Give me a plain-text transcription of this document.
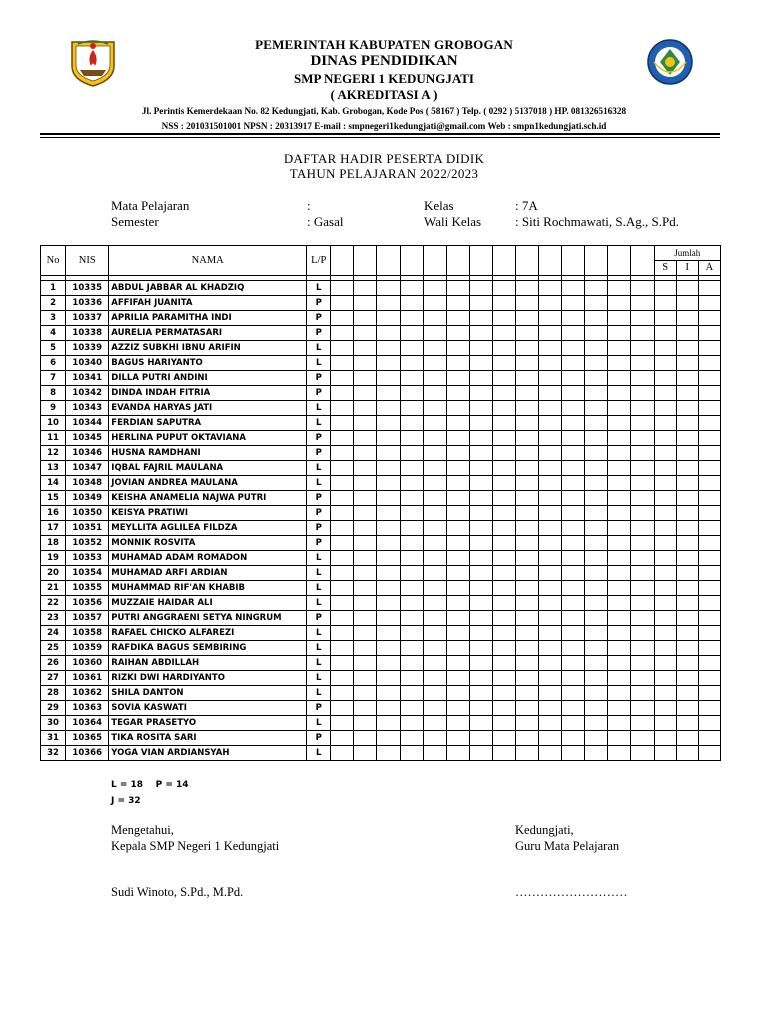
PEMERINTAH KABUPATEN GROBOGAN
DINAS PENDIDIKAN
SMP NEGERI 1 KEDUNGJATI
( AKREDITASI A )
Jl. Perintis Kemerdekaan No. 82 Kedungjati, Kab. Grobogan, Kode Pos ( 58167 ) Telp. ( 0292 ) 5137018 ) HP. 081326516328
NSS : 201031501001 NPSN : 20313917 E-mail : smpnegeri1kedungjati@gmail.com Web : smpn1kedungjati.sch.id
DAFTAR HADIR PESERTA DIDIK
TAHUN PELAJARAN 2022/2023
Mata Pelajaran	:
Semester	: Gasal
Kelas	: 7A
Wali Kelas	: Siti Rochmawati, S.Ag., S.Pd.
No	NIS	NAMA	L/P															Jumlah		
																		S	I	A

1	10335	ABDUL JABBAR AL KHADZIQ	L																	
2	10336	AFFIFAH JUANITA	P																	
3	10337	APRILIA PARAMITHA INDI	P																	
4	10338	AURELIA PERMATASARI	P																	
5	10339	AZZIZ SUBKHI IBNU ARIFIN	L																	
6	10340	BAGUS HARIYANTO	L																	
7	10341	DILLA PUTRI ANDINI	P																	
8	10342	DINDA INDAH FITRIA	P																	
9	10343	EVANDA HARYAS JATI	L																	
10	10344	FERDIAN SAPUTRA	L																	
11	10345	HERLINA PUPUT OKTAVIANA	P																	
12	10346	HUSNA RAMDHANI	P																	
13	10347	IQBAL FAJRIL MAULANA	L																	
14	10348	JOVIAN ANDREA MAULANA	L																	
15	10349	KEISHA ANAMELIA NAJWA PUTRI	P																	
16	10350	KEISYA PRATIWI	P																	
17	10351	MEYLLITA AGLILEA FILDZA	P																	
18	10352	MONNIK ROSVITA	P																	
19	10353	MUHAMAD ADAM ROMADON	L																	
20	10354	MUHAMAD ARFI ARDIAN	L																	
21	10355	MUHAMMAD RIF'AN KHABIB	L																	
22	10356	MUZZAIE HAIDAR ALI	L																	
23	10357	PUTRI ANGGRAENI SETYA NINGRUM	P																	
24	10358	RAFAEL CHICKO ALFAREZI	L																	
25	10359	RAFDIKA BAGUS SEMBIRING	L																	
26	10360	RAIHAN ABDILLAH	L																	
27	10361	RIZKI DWI HARDIYANTO	L																	
28	10362	SHILA DANTON	L																	
29	10363	SOVIA KASWATI	P																	
30	10364	TEGAR PRASETYO	L																	
31	10365	TIKA ROSITA SARI	P																	
32	10366	YOGA VIAN ARDIANSYAH	L																	
L = 18    P = 14
J = 32
Mengetahui,
Kepala SMP Negeri 1 Kedungjati
Sudi Winoto, S.Pd., M.Pd.
Kedungjati,
Guru Mata Pelajaran
………………………
